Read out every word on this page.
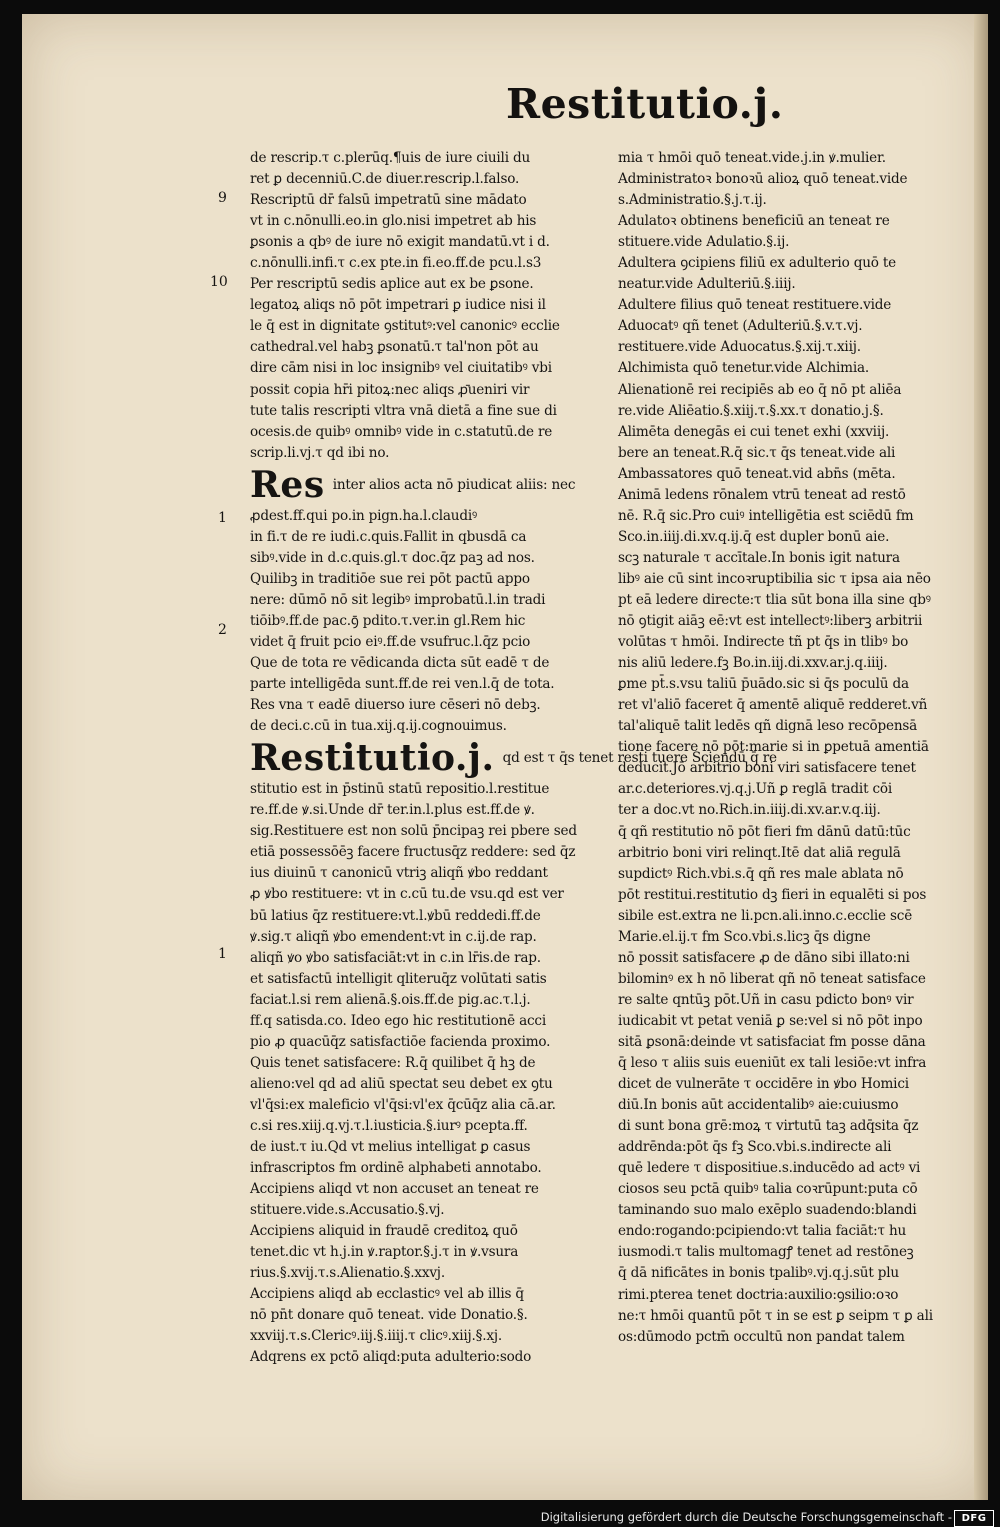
Restitutio.j.
de rescrip.τ c.plerūq.¶uis de iure ciuili du
ret ꝑ decenniū.C.de diuer.rescrip.l.falso.
Rescriptū dr̄ falsū impetratū sine mādato
vt in c.nōnulli.eo.in glo.nisi impetret ab his
ꝑsonis a qbꝰ de iure nō exigit mandatū.vt i d.
c.nōnulli.infi.τ c.ex pte.in fi.eo.ff.de pcu.l.s3
Per rescriptū sedis aplice aut ex be ꝑsone.
legatoꝝ aliqs nō pōt impetrari ꝑ iudice nisi il
le q̄ est in dignitate ꝯstitutꝰ:vel canonicꝰ ecclie
cathedral.vel habꝫ ꝑsonatū.τ tal'non pōt au
dire cām nisi in loc insignibꝰ vel ciuitatibꝰ vbi
possit copia hr̄i pitoꝝ:nec aliqs ꝓ̄ueniri vir
tute talis rescripti vltra vnā dietā a fine sue di
ocesis.de quibꝰ omnibꝰ vide in c.statutū.de re
scrip.li.vj.τ qd ibi no.
Res inter alios acta nō piudicat aliis: nec
ꝓdest.ff.qui po.in pign.ha.l.claudiꝰ
in fi.τ de re iudi.c.quis.Fallit in qbusdā ca
sibꝰ.vide in d.c.quis.gl.τ doc.q̄z paꝫ ad nos.
Quilibꝫ in traditiōe sue rei pōt pactū appo
nere: dūmō nō sit legibꝰ improbatū.l.in tradi
tiōibꝰ.ff.de pac.ꝯ̄ pdito.τ.ver.in gl.Rem hic
videt q̄ fruit pcio eiꝰ.ff.de vsufruc.l.q̄z pcio
Que de tota re vēdicanda dicta sūt eadē τ de
parte intelligēda sunt.ff.de rei ven.l.q̄ de tota.
Res vna τ eadē diuerso iure cēseri nō debꝫ.
de deci.c.cū in tua.xij.q.ij.cognouimus.
Restitutio.j. qd est τ q̄s tenet resti tuere Sciendū q̄ re
stitutio est in p̄stinū statū repositio.l.restitue
re.ff.de ꝟ.si.Unde dr̄ ter.in.l.plus est.ff.de ꝟ.
sig.Restituere est non solū p̄ncipaꝫ rei pbere sed
etiā possessōēꝫ facere fructusq̄z reddere: sed q̄z
ius diuinū τ canonicū vtriꝫ aliqñ ꝟbo reddant
ꝓ ꝟbo restituere: vt in c.cū tu.de vsu.qd est ver
bū latius q̄z restituere:vt.l.ꝟbū reddedi.ff.de
ꝟ.sig.τ aliqñ ꝟbo emendent:vt in c.ij.de rap.
aliqñ ꝟo ꝟbo satisfaciāt:vt in c.in lr̄is.de rap.
et satisfactū intelligit qliteruq̄z volūtati satis
faciat.l.si rem alienā.§.ois.ff.de pig.ac.τ.l.j.
ff.q satisda.co. Ideo ego hic restitutionē acci
pio ꝓ quacūq̄z satisfactiōe facienda proximo.
Quis tenet satisfacere: R.q̄ quilibet q̄ hꝫ de
alieno:vel qd ad aliū spectat seu debet ex ꝯtu
vl'q̄si:ex maleficio vl'q̄si:vl'ex q̄cūq̄z alia cā.ar.
c.si res.xiij.q.vj.τ.l.iusticia.§.iurꝰ pcepta.ff.
de iust.τ iu.Qd vt melius intelligat ꝑ casus
infrascriptos fm ordinē alphabeti annotabo.
Accipiens aliqd vt non accuset an teneat re
stituere.vide.s.Accusatio.§.vj.
Accipiens aliquid in fraudē creditoꝝ quō
tenet.dic vt h.j.in ꝟ.raptor.§.j.τ in ꝟ.vsura
rius.§.xvij.τ.s.Alienatio.§.xxvj.
Accipiens aliqd ab ecclasticꝰ vel ab illis q̄
nō pn̄t donare quō teneat. vide Donatio.§.
xxviij.τ.s.Clericꝰ.iij.§.iiij.τ clicꝰ.xiij.§.xj.
Adqrens ex pctō aliqd:puta adulterio:sodo
mia τ hmōi quō teneat.vide.j.in ꝟ.mulier.
Administratoꝛ bonoꝛū alioꝝ quō teneat.vide
s.Administratio.§.j.τ.ij.
Adulatoꝛ obtinens beneficiū an teneat re
stituere.vide Adulatio.§.ij.
Adultera ꝯcipiens filiū ex adulterio quō te
neatur.vide Adulteriū.§.iiij.
Adultere filius quō teneat restituere.vide
Aduocatꝰ qñ tenet (Adulteriū.§.v.τ.vj.
restituere.vide Aduocatus.§.xij.τ.xiij.
Alchimista quō tenetur.vide Alchimia.
Alienationē rei recipiēs ab eo q̄ nō pt aliēa
re.vide Aliēatio.§.xiij.τ.§.xx.τ donatio.j.§.
Alimēta denegās ei cui tenet exhi (xxviij.
bere an teneat.R.q̄ sic.τ q̄s teneat.vide ali
Ambassatores quō teneat.vid abn̄s (mēta.
Animā ledens rōnalem vtrū teneat ad restō
nē. R.q̄ sic.Pro cuiꝰ intelligētia est sciēdū fm
Sco.in.iiij.di.xv.q.ij.q̄ est dupler bonū aie.
scꝫ naturale τ accītale.In bonis igit natura
libꝰ aie cū sint incoꝛruptibilia sic τ ipsa aia nēo
pt eā ledere directe:τ tlia sūt bona illa sine qbꝰ
nō ꝯtigit aiāꝫ eē:vt est intellectꝰ:liberꝫ arbitrii
volūtas τ hmōi. Indirecte tñ pt q̄s in tlibꝰ bo
nis aliū ledere.fꝫ Bo.in.iij.di.xxv.ar.j.q.iiij.
ꝑme pt̄.s.vsu taliū p̄uādo.sic si q̄s poculū da
ret vl'aliō faceret q̄ amentē aliquē redderet.vñ
tal'aliquē talit ledēs qñ dignā leso recōpensā
tione facere nō pōt:marie si in ꝑpetuā amentiā
deducit.Jō arbitrio boni viri satisfacere tenet
ar.c.deteriores.vj.q.j.Uñ ꝑ reglā tradit cōi
ter a doc.vt no.Rich.in.iiij.di.xv.ar.v.q.iij.
q̄ qñ restitutio nō pōt fieri fm dānū datū:tūc
arbitrio boni viri relinqt.Itē dat aliā regulā
supdictꝰ Rich.vbi.s.q̄ qñ res male ablata nō
pōt restitui.restitutio dꝫ fieri in equalēti si pos
sibile est.extra ne li.pcn.ali.inno.c.ecclie scē
Marie.el.ij.τ fm Sco.vbi.s.licꝫ q̄s digne
nō possit satisfacere ꝓ de dāno sibi illato:ni
bilominꝰ ex h nō liberat qñ nō teneat satisface
re salte qntūꝫ pōt.Uñ in casu pdicto bonꝰ vir
iudicabit vt petat veniā ꝑ se:vel si nō pōt inpo
sitā ꝑsonā:deinde vt satisfaciat fm posse dāna
q̄ leso τ aliis suis eueniūt ex tali lesiōe:vt infra
dicet de vulnerāte τ occidēre in ꝟbo Homici
diū.In bonis aūt accidentalibꝰ aie:cuiusmo
di sunt bona grē:moꝝ τ virtutū taꝫ adq̄sita q̄z
addrēnda:pōt q̄s fꝫ Sco.vbi.s.indirecte ali
quē ledere τ dispositiue.s.inducēdo ad actꝰ vi
ciosos seu pctā quibꝰ talia coꝛrūpunt:puta cō
taminando suo malo exēplo suadendo:blandi
endo:rogando:pcipiendo:vt talia faciāt:τ hu
iusmodi.τ talis multomagꝭ tenet ad restōneꝫ
q̄ dā nificātes in bonis tpalibꝰ.vj.q.j.sūt plu
rimi.pterea tenet doctria:auxilio:ꝯsilio:oꝛo
ne:τ hmōi quantū pōt τ in se est ꝑ seipm τ ꝑ ali
os:dūmodo pctm̄ occultū non pandat talem
9
10
1
2
1
Digitalisierung gefördert durch die Deutsche Forschungsgemeinschaft - DFG
